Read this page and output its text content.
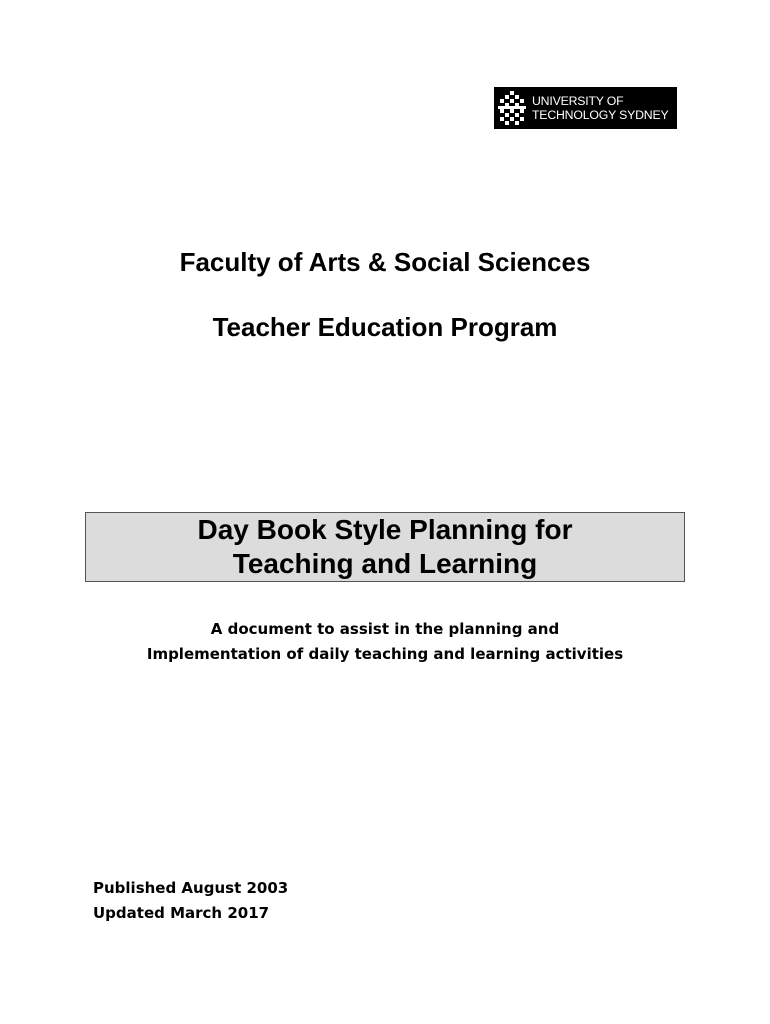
UNIVERSITY OF
TECHNOLOGY SYDNEY
Faculty of Arts & Social Sciences
Teacher Education Program
Day Book Style Planning for
Teaching and Learning
A document to assist in the planning and
Implementation of daily teaching and learning activities
Published August 2003
Updated March 2017
